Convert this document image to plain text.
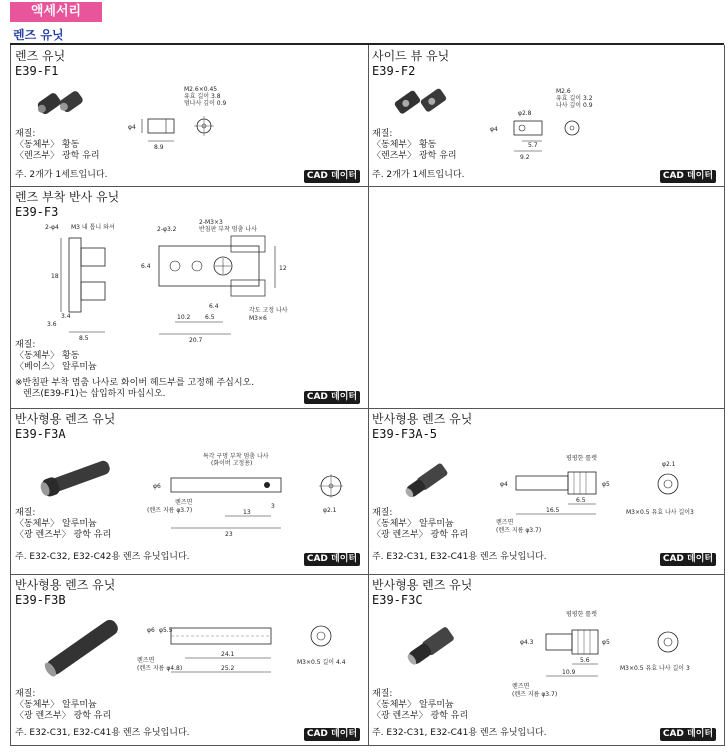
액세서리
렌즈 유닛
렌즈 유닛
E39-F1
M2.6×0.45
유효 길이 3.8
멈나사 깊이 0.9
φ4
8.9
재질:
〈동체부〉 황동
〈렌즈부〉 광학 유리
주. 2개가 1세트입니다.	CAD 데이터
사이드 뷰 유닛
E39-F2
M2.6
유효 길이 3.2
나사 깊이 0.9
φ2.8
φ4
5.7
9.2
재질:
〈동체부〉 황동
〈렌즈부〉 광학 유리
주. 2개가 1세트입니다.	CAD 데이터
렌즈 부착 반사 유닛
E39-F3
2-φ4 M3 내 톱니 와셔
18
3.6
3.4
8.5
2-M3×3
반침판 부착 멈춤 나사
2-φ3.2
12
6.4
6.4
각도 고정 나사
M3×6
10.2 6.5
20.7
재질:
〈동체부〉 황동
〈베이스〉 알루미늄
※반침판 부착 멈춤 나사로 화이버 헤드부를 고정해 주십시오.
렌즈(E39-F1)는 삽입하지 마십시오.	CAD 데이터
반사형용 렌즈 유닛
E39-F3A
특각 구멍 부착 멈춤 나사
(화이버 고정용)
φ6
렌즈면
(렌즈 지름 φ3.7)	13
3
23
φ2.1
재질:
〈동체부〉 알루미늄
〈광 렌즈부〉 광학 유리
주. E32-C32, E32-C42용 렌즈 유닛입니다.	CAD 데이터
반사형용 렌즈 유닛
E39-F3A-5
평평한 롤렛
φ4	φ5
6.5
16.5
렌즈면
(렌즈 지름 φ3.7)
φ2.1
M3×0.5 유효 나사 길이3
재질:
〈동체부〉 알루미늄
〈광 렌즈부〉 광학 유리
주. E32-C31, E32-C41용 렌즈 유닛입니다.	CAD 데이터
반사형용 렌즈 유닛
E39-F3B
φ6 φ5.5
렌즈면
(렌즈 지름 φ4.8)
24.1
25.2
M3×0.5 길이 4.4
재질:
〈동체부〉 알루미늄
〈광 렌즈부〉 광학 유리
주. E32-C31, E32-C41용 렌즈 유닛입니다.	CAD 데이터
반사형용 렌즈 유닛
E39-F3C
평평한 롤렛
φ4.3	φ5
5.6
10.9
렌즈면
(렌즈 지름 φ3.7)
M3×0.5 유효 나사 길이 3
재질:
〈동체부〉 알루미늄
〈광 렌즈부〉 광학 유리
주. E32-C31, E32-C41용 렌즈 유닛입니다.	CAD 데이터
